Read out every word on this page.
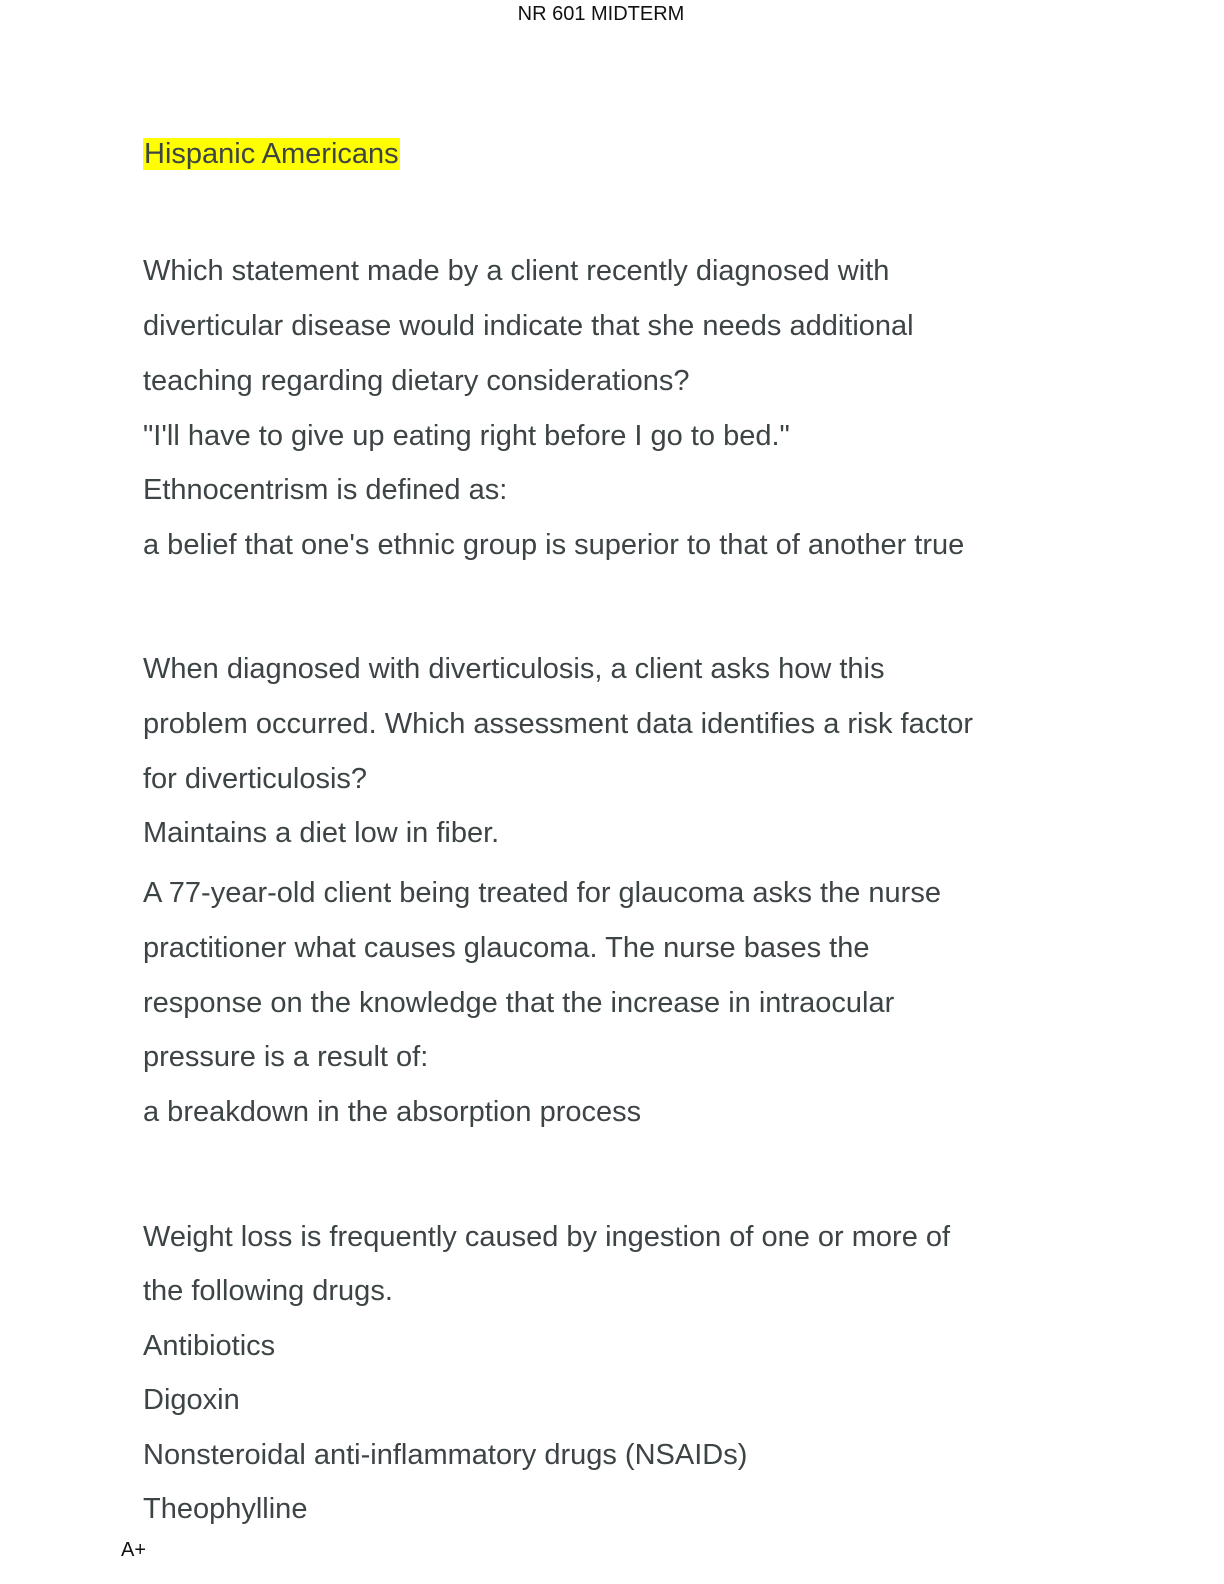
NR 601 MIDTERM
Hispanic Americans
Which statement made by a client recently diagnosed with
diverticular disease would indicate that she needs additional
teaching regarding dietary considerations?
"I'll have to give up eating right before I go to bed."
Ethnocentrism is defined as:
a belief that one's ethnic group is superior to that of another true
When diagnosed with diverticulosis, a client asks how this
problem occurred. Which assessment data identifies a risk factor
for diverticulosis?
Maintains a diet low in fiber.
A 77-year-old client being treated for glaucoma asks the nurse
practitioner what causes glaucoma. The nurse bases the
response on the knowledge that the increase in intraocular
pressure is a result of:
a breakdown in the absorption process
Weight loss is frequently caused by ingestion of one or more of
the following drugs.
Antibiotics
Digoxin
Nonsteroidal anti-inflammatory drugs (NSAIDs)
Theophylline
A+
